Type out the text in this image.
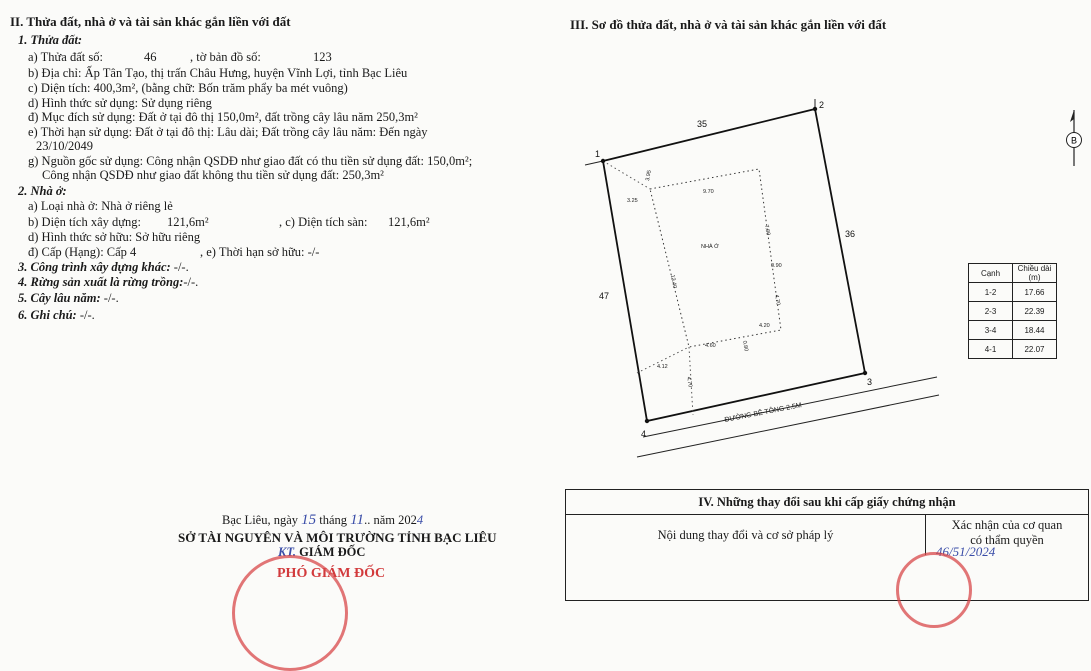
II. Thửa đất, nhà ở và tài sản khác gắn liền với đất
1. Thửa đất:
a) Thửa đất số:	46	, tờ bản đồ số:	123
b) Địa chỉ: Ấp Tân Tạo, thị trấn Châu Hưng, huyện Vĩnh Lợi, tỉnh Bạc Liêu
c) Diện tích: 400,3m², (bằng chữ: Bốn trăm phẩy ba mét vuông)
d) Hình thức sử dụng: Sử dụng riêng
đ) Mục đích sử dụng: Đất ở tại đô thị 150,0m², đất trồng cây lâu năm 250,3m²
e) Thời hạn sử dụng: Đất ở tại đô thị: Lâu dài; Đất trồng cây lâu năm: Đến ngày
23/10/2049
g) Nguồn gốc sử dụng: Công nhận QSDĐ như giao đất có thu tiền sử dụng đất: 150,0m²;
Công nhận QSDĐ như giao đất không thu tiền sử dụng đất: 250,3m²
2. Nhà ở:
a) Loại nhà ở: Nhà ở riêng lẻ
b) Diện tích xây dựng: 121,6m²	, c) Diện tích sàn: 121,6m²
d) Hình thức sở hữu: Sở hữu riêng
đ) Cấp (Hạng): Cấp 4	, e) Thời hạn sở hữu: -/-
3. Công trình xây dựng khác: -/-.
4. Rừng sản xuất là rừng trồng:-/-.
5. Cây lâu năm: -/-.
6. Ghi chú: -/-.
Bạc Liêu, ngày 15 tháng 11.. năm 2024
SỞ TÀI NGUYÊN VÀ MÔI TRƯỜNG TỈNH BẠC LIÊU
KT. GIÁM ĐỐC
PHÓ GIÁM ĐỐC
III. Sơ đồ thửa đất, nhà ở và tài sản khác gắn liền với đất
1
2
3
4
35
36
47
NHÀ Ở
3.95
9.70
7.80
3.25
13.40
0.90
4.70
4.20
4.60	0.80
4.12
4.70
ĐƯỜNG BÊ TÔNG 2.5M
B
Cạnh	Chiều dài (m)
1-2	17.66
2-3	22.39
3-4	18.44
4-1	22.07
IV. Những thay đổi sau khi cấp giấy chứng nhận
Nội dung thay đổi và cơ sở pháp lý
Xác nhận của cơ quan
có thẩm quyền
46/51/2024
